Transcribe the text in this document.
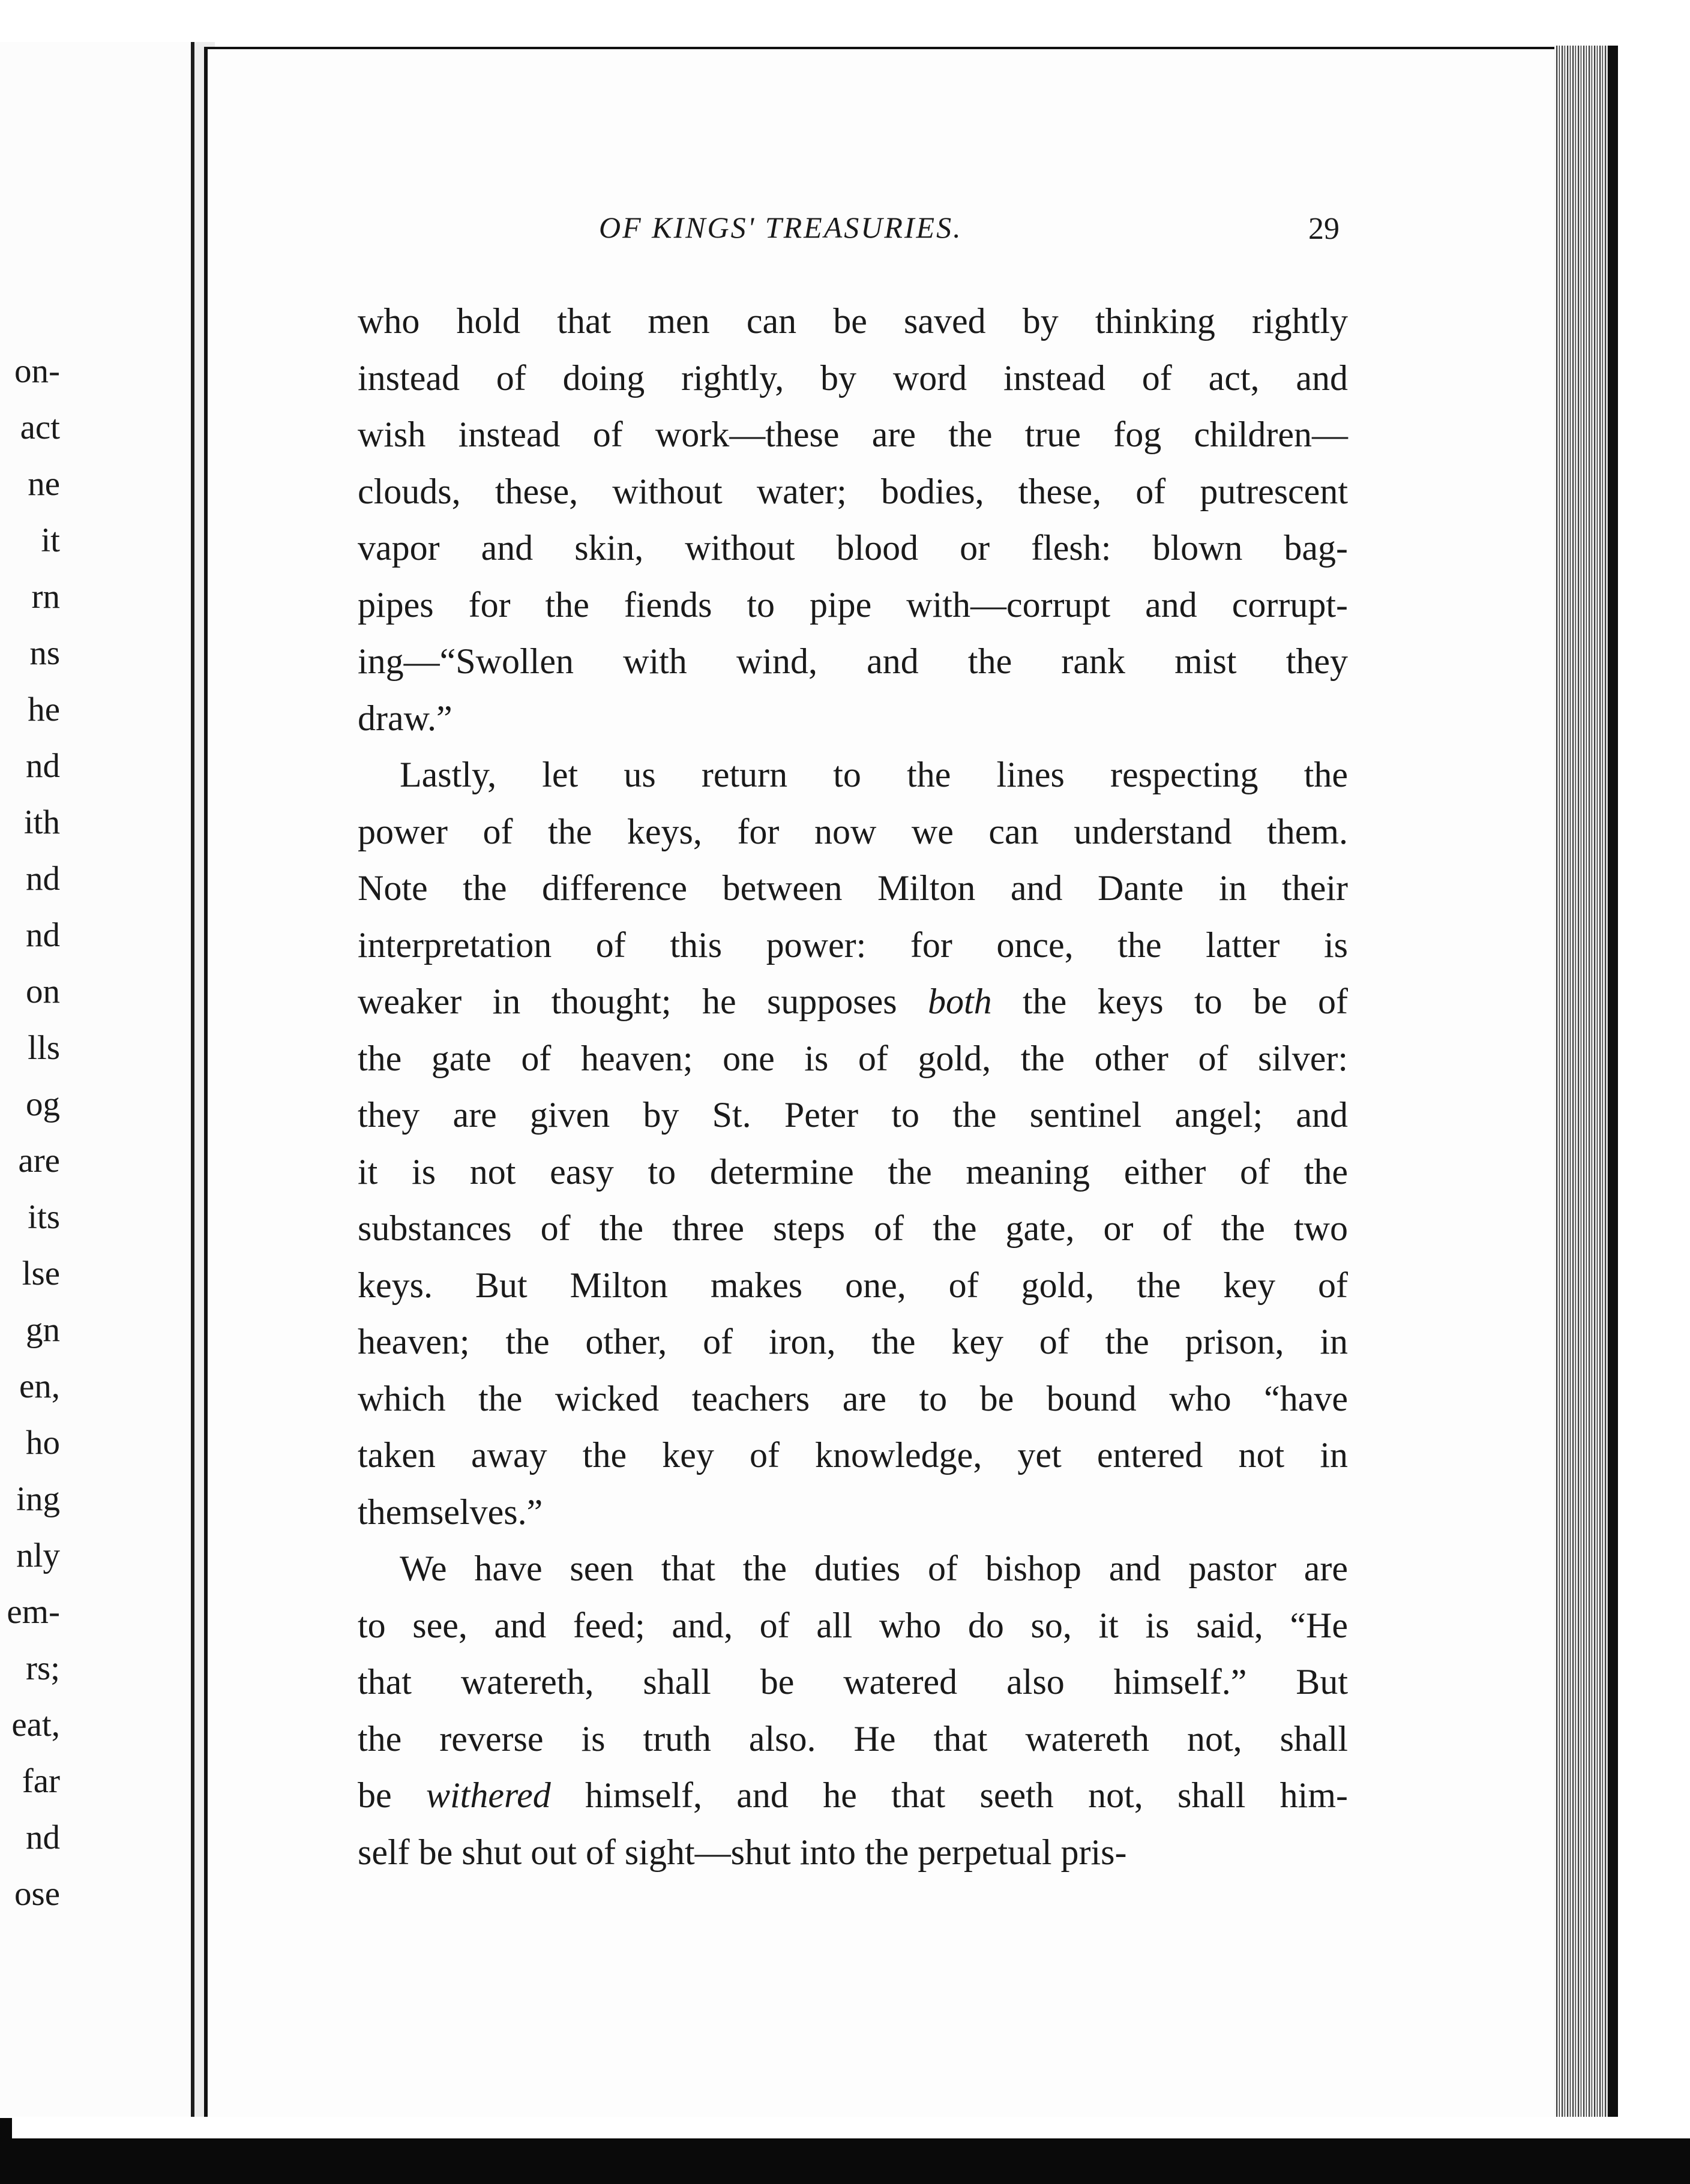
on-
act
ne
it
rn
ns
he
nd
ith
nd
nd
on
lls
og
are
its
lse
gn
en,
ho
ing
nly
em-
rs;
eat,
far
nd
ose
OF KINGS' TREASURIES.	29
who hold that men can be saved by thinking rightly
instead of doing rightly, by word instead of act, and
wish instead of work—these are the true fog children—
clouds, these, without water; bodies, these, of putrescent
vapor and skin, without blood or flesh: blown bag-
pipes for the fiends to pipe with—corrupt and corrupt-
ing—“Swollen with wind, and the rank mist they
draw.”
Lastly, let us return to the lines respecting the
power of the keys, for now we can understand them.
Note the difference between Milton and Dante in their
interpretation of this power: for once, the latter is
weaker in thought; he supposes both the keys to be of
the gate of heaven; one is of gold, the other of silver:
they are given by St. Peter to the sentinel angel; and
it is not easy to determine the meaning either of the
substances of the three steps of the gate, or of the two
keys. But Milton makes one, of gold, the key of
heaven; the other, of iron, the key of the prison, in
which the wicked teachers are to be bound who “have
taken away the key of knowledge, yet entered not in
themselves.”
We have seen that the duties of bishop and pastor are
to see, and feed; and, of all who do so, it is said, “He
that watereth, shall be watered also himself.” But
the reverse is truth also. He that watereth not, shall
be withered himself, and he that seeth not, shall him-
self be shut out of sight—shut into the perpetual pris-
